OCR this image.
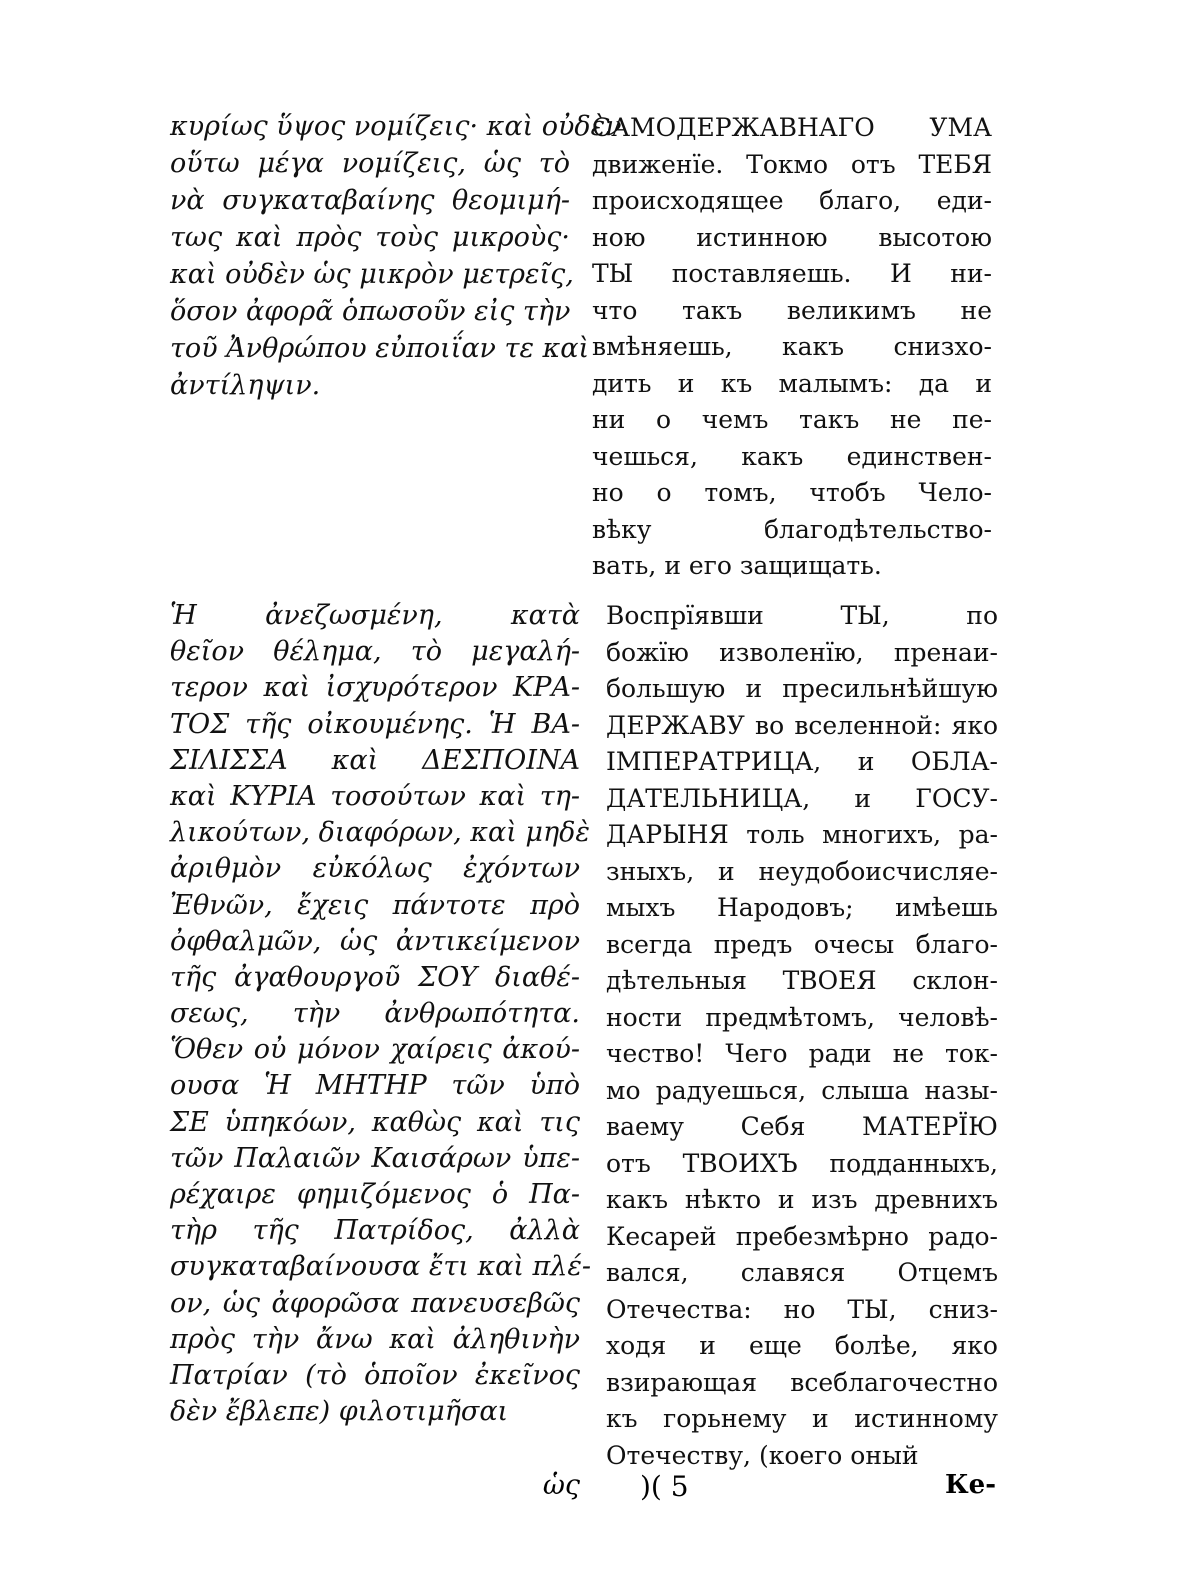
κυρίως ὕψος νομίζεις· καὶ οὐδὲν
οὕτω μέγα νομίζεις, ὡς τὸ
νὰ συγκαταβαίνης θεομιμή-
τως καὶ πρὸς τοὺς μικροὺς·
καὶ οὐδὲν ὡς μικρὸν μετρεῖς,
ὅσον ἀφορᾶ ὁπωσοῦν εἰς τὴν
τοῦ Ἀνθρώπου εὐποιΐαν τε καὶ
ἀντίληψιν.
САМОДЕРЖАВНАГО УМА
движенїе. Токмо отъ ТЕБЯ
происходящее благо, еди-
ною истинною высотою
ТЫ поставляешь. И ни-
что такъ великимъ не
вмѣняешь, какъ снизхо-
дить и къ малымъ: да и
ни о чемъ такъ не пе-
чешься, какъ единствен-
но о томъ, чтобъ Чело-
вѣку благодѣтельство-
вать, и его защищать.
Ἡ ἀνεζωσμένη, κατὰ
θεῖον θέλημα, τὸ μεγαλή-
τερον καὶ ἰσχυρότερον ΚΡΑ-
ΤΟΣ τῆς οἰκουμένης. Ἡ ΒΑ-
ΣΙΛΙΣΣΑ καὶ ΔΕΣΠΟΙΝΑ
καὶ ΚΥΡΙΑ τοσούτων καὶ τη-
λικούτων, διαφόρων, καὶ μηδὲ
ἀριθμὸν εὐκόλως ἐχόντων
Ἐθνῶν, ἔχεις πάντοτε πρὸ
ὀφθαλμῶν, ὡς ἀντικείμενον
τῆς ἀγαθουργοῦ ΣΟΥ διαθέ-
σεως, τὴν ἀνθρωπότητα.
Ὅθεν οὐ μόνον χαίρεις ἀκού-
ουσα Ἡ ΜΗΤΗΡ τῶν ὑπὸ
ΣΕ ὑπηκόων, καθὼς καὶ τις
τῶν Παλαιῶν Καισάρων ὑπε-
ρέχαιρε φημιζόμενος ὁ Πα-
τὴρ τῆς Πατρίδος, ἀλλὰ
συγκαταβαίνουσα ἔτι καὶ πλέ-
ον, ὡς ἀφορῶσα πανευσεβῶς
πρὸς τὴν ἄνω καὶ ἀληθινὴν
Πατρίαν (τὸ ὁποῖον ἐκεῖνος
δὲν ἔβλεπε) φιλοτιμῆσαι
Воспрїявши ТЫ, по
божїю изволенїю, пренаи-
большую и пресильнѣйшую
ДЕРЖАВУ во вселенной: яко
ІМПЕРАТРИЦА, и ОБЛА-
ДАТЕЛЬНИЦА, и ГОСУ-
ДАРЫНЯ толь многихъ, ра-
зныхъ, и неудобоисчисляе-
мыхъ Народовъ; имѣешь
всегда предъ очесы благо-
дѣтельныя ТВОЕЯ склон-
ности предмѣтомъ, человѣ-
чество! Чего ради не ток-
мо радуешься, слыша назы-
ваему Себя МАТЕРЇЮ
отъ ТВОИХЪ подданныхъ,
какъ нѣкто и изъ древнихъ
Кесарей пребезмѣрно радо-
вался, славяся Отцемъ
Отечества: но ТЫ, сниз-
ходя и еще болѣе, яко
взирающая всеблагочестно
къ горьнему и истинному
Отечеству, (коего оный
ὡς )( 5	Ке-
